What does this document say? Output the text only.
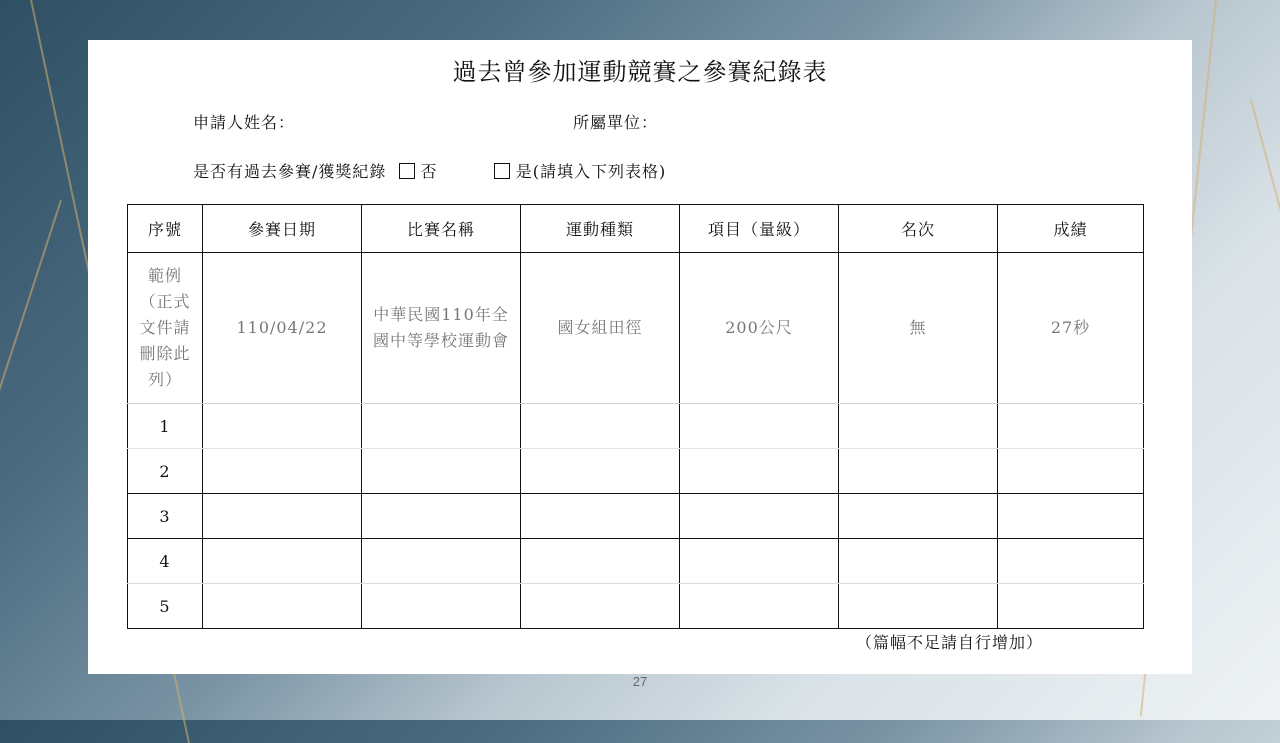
過去曾參加運動競賽之參賽紀錄表
申請人姓名：	所屬單位：
是否有過去參賽/獲獎紀錄 否	是(請填入下列表格)
序號	參賽日期	比賽名稱	運動種類	項目（量級）	名次	成績
範例（正式文件請刪除此列）	110/04/22	中華民國110年全國中等學校運動會	國女組田徑	200公尺	無	27秒
1						
2						
3						
4						
5						
（篇幅不足請自行增加）
27
